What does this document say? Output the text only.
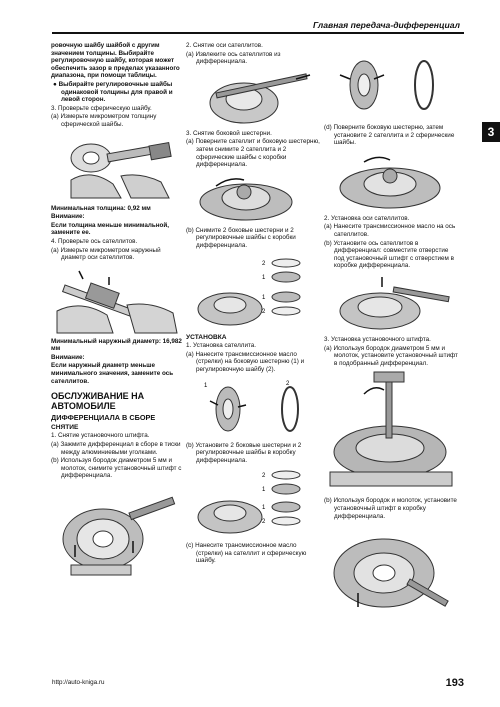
Главная передача-дифференциал
3

ровочную шайбу шайбой с другим значением толщины. Выбирайте регулировочную шайбу, которая может обеспечить зазор в пределах указанного диапазона, при помощи таблицы.

● Выбирайте регулировочные шайбы одинаковой толщины для правой и левой сторон.

3. Проверьте сферическую шайбу.

(a) Измерьте микрометром толщину сферической шайбы.

Минимальная толщина: 0,92 мм

Внимание:

Если толщина меньше минимальной, замените ее.

4. Проверьте ось сателлитов.

(a) Измерьте микрометром наружный диаметр оси сателлитов.

Минимальный наружный диаметр: 16,982 мм

Внимание:

Если наружный диаметр меньше минимального значения, замените ось сателлитов.

ОБСЛУЖИВАНИЕ НА АВТОМОБИЛЕ
ДИФФЕРЕНЦИАЛА В СБОРЕ
СНЯТИЕ

1. Снятие установочного штифта.

(a) Зажмите дифференциал в сборе в тиски между алюминиевыми уголками.

(b) Используя бородок диаметром 5 мм и молоток, снимите установочный штифт с дифференциала.

2. Снятие оси сателлитов.

(a) Извлеките ось сателлитов из дифференциала.

3. Снятие боковой шестерни.

(a) Поверните сателлит и боковую шестерню, затем снимите 2 сателлита и 2 сферические шайбы с коробки дифференциала.

(b) Снимите 2 боковые шестерни и 2 регулировочные шайбы с коробки дифференциала.

2
1
1
2
УСТАНОВКА

1. Установка сателлита.

(a) Нанесите трансмиссионное масло (стрелки) на боковую шестерню (1) и регулировочную шайбу (2).

1	2

(b) Установите 2 боковые шестерни и 2 регулировочные шайбы в коробку дифференциала.

2
1
1
2

(c) Нанесите трансмиссионное масло (стрелки) на сателлит и сферическую шайбу.

(d) Поверните боковую шестерню, затем установите 2 сателлита и 2 сферические шайбы.

2. Установка оси сателлитов.

(a) Нанесите трансмиссионное масло на ось сателлитов.

(b) Установите ось сателлитов в дифференциал: совместите отверстие под установочный штифт с отверстием в коробке дифференциала.

3. Установка установочного штифта.

(a) Используя бородок диаметром 5 мм и молоток, установите установочный штифт в подобранный дифференциал.

(b) Используя бородок и молоток, установите установочный штифт в коробку дифференциала.

http://auto-kniga.ru	193
